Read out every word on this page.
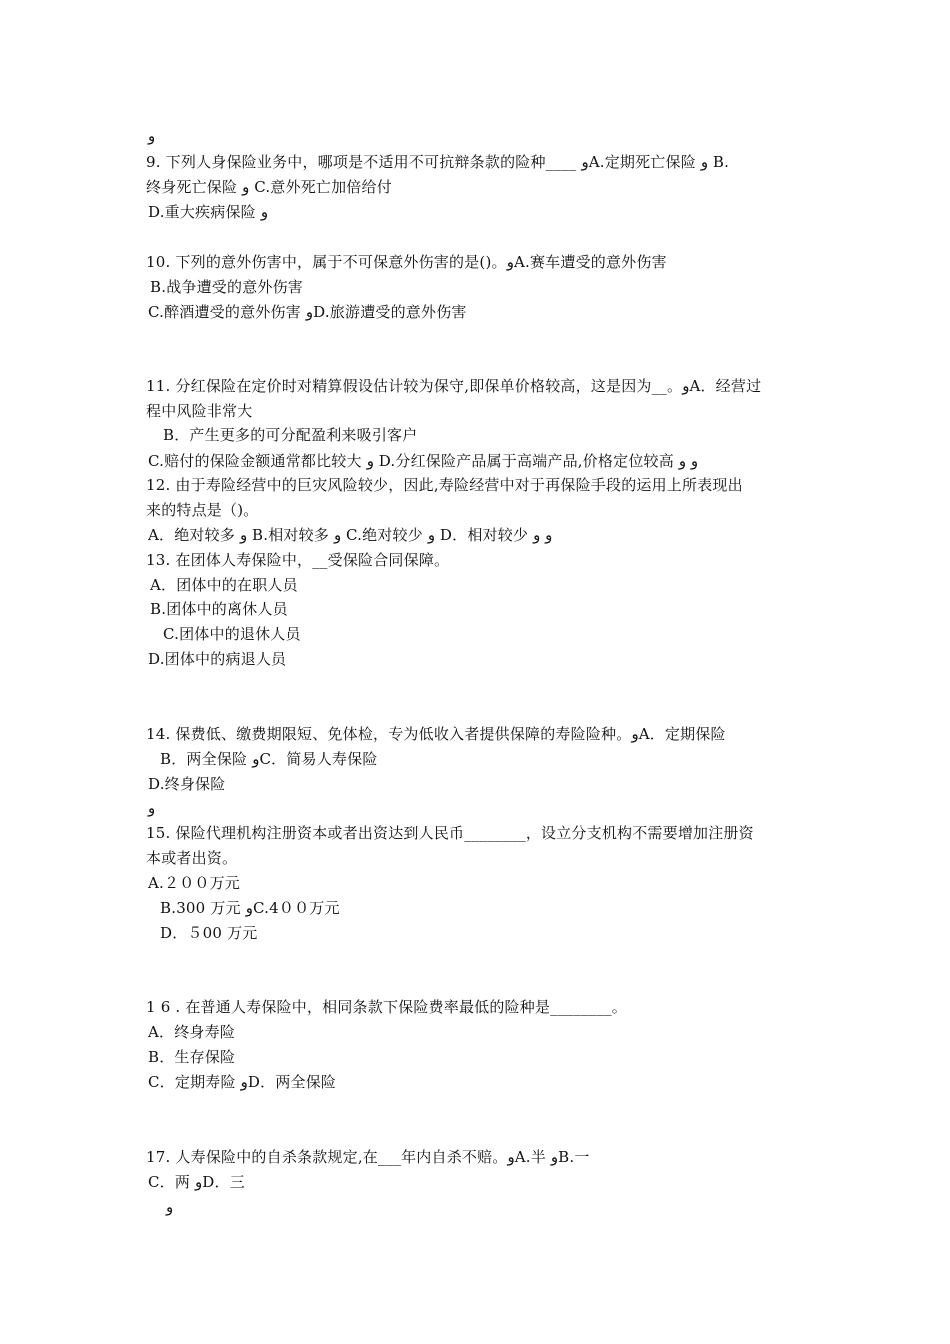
و
9. 下列人身保险业务中，哪项是不适用不可抗辩条款的险种____ وA.定期死亡保险 و B.
终身死亡保险 و C.意外死亡加倍给付
D.重大疾病保险 و
10. 下列的意外伤害中，属于不可保意外伤害的是()。وA.赛车遭受的意外伤害
B.战争遭受的意外伤害
C.醉酒遭受的意外伤害 وD.旅游遭受的意外伤害
11. 分红保险在定价时对精算假设估计较为保守,即保单价格较高，这是因为__。وA．经营过
程中风险非常大
B．产生更多的可分配盈利来吸引客户
C.赔付的保险金额通常都比较大 و D.分红保险产品属于高端产品,价格定位较高 و و
12. 由于寿险经营中的巨灾风险较少，因此,寿险经营中对于再保险手段的运用上所表现出
来的特点是（)。
A．绝对较多 و B.相对较多 و C.绝对较少 و D．相对较少 و و
13. 在团体人寿保险中，__受保险合同保障。
A．团体中的在职人员
B.团体中的离休人员
C.团体中的退休人员
D.团体中的病退人员
14. 保费低、缴费期限短、免体检，专为低收入者提供保障的寿险险种。وA．定期保险
B．两全保险 وC．简易人寿保险
D.终身保险
و
15. 保险代理机构注册资本或者出资达到人民币________，设立分支机构不需要增加注册资
本或者出资。
A.２００万元
B.300 万元 وC.4００万元
D．５00 万元
1 6 . 在普通人寿保险中，相同条款下保险费率最低的险种是________。
A．终身寿险
B．生存保险
C．定期寿险 وD．两全保险
17. 人寿保险中的自杀条款规定,在___年内自杀不赔。وA.半 وB.一
C．两 وD．三
و
